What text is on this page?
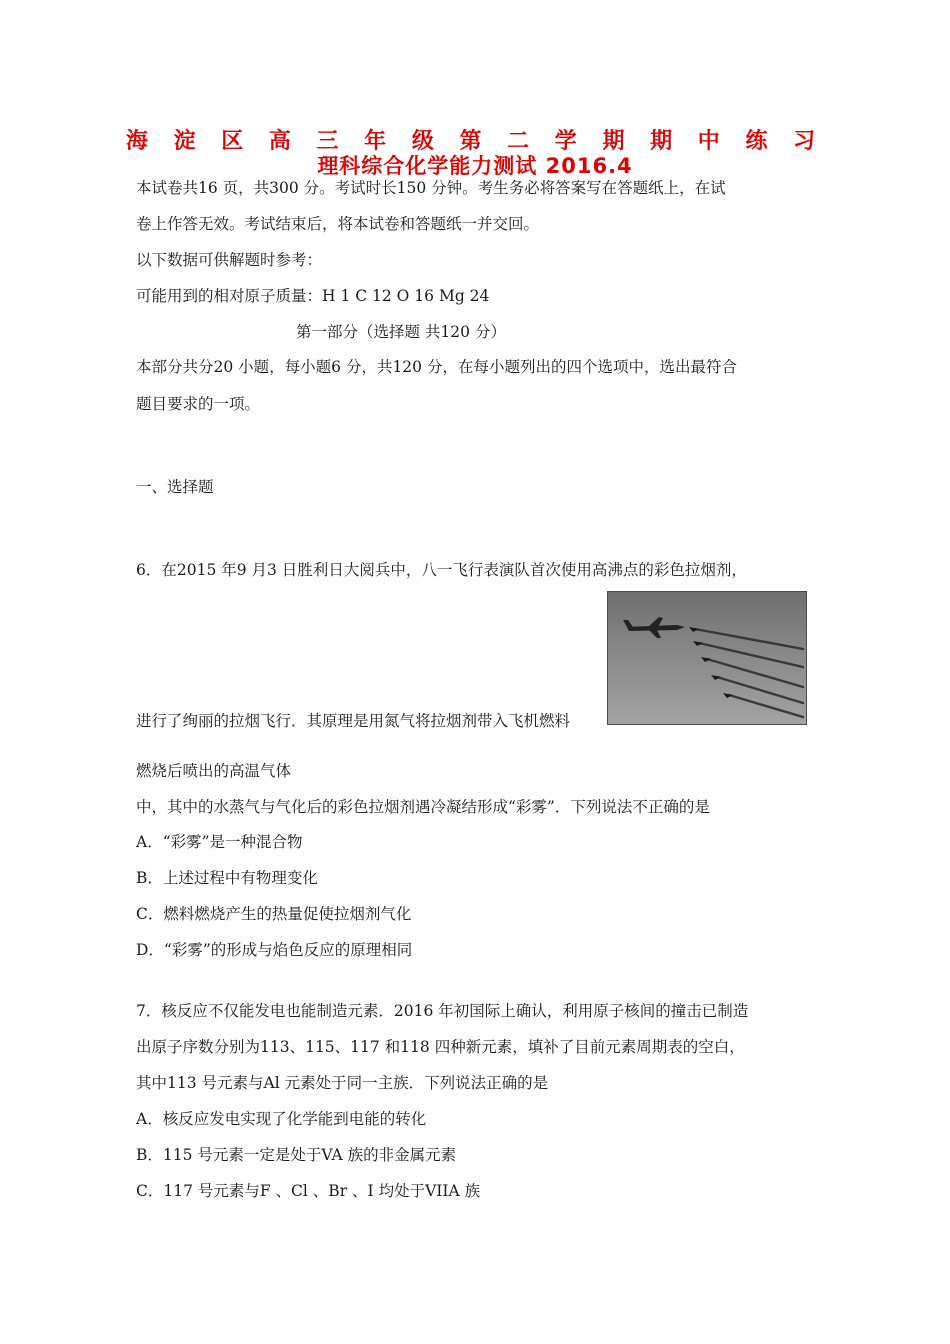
海 淀 区 高 三 年 级 第 二 学 期 期 中 练 习
理科综合化学能力测试 2016.4
本试卷共16 页，共300 分。考试时长150 分钟。考生务必将答案写在答题纸上，在试
卷上作答无效。考试结束后，将本试卷和答题纸一并交回。
以下数据可供解题时参考：
可能用到的相对原子质量：H 1 C 12 O 16 Mg 24
第一部分（选择题 共120 分）
本部分共分20 小题，每小题6 分，共120 分，在每小题列出的四个选项中，选出最符合
题目要求的一项。
一、选择题
6．在2015 年9 月3 日胜利日大阅兵中，八一飞行表演队首次使用高沸点的彩色拉烟剂，
进行了绚丽的拉烟飞行．其原理是用氮气将拉烟剂带入飞机燃料
燃烧后喷出的高温气体
中，其中的水蒸气与气化后的彩色拉烟剂遇冷凝结形成“彩雾”．下列说法不正确的是
A．“彩雾”是一种混合物
B．上述过程中有物理变化
C．燃料燃烧产生的热量促使拉烟剂气化
D．“彩雾”的形成与焰色反应的原理相同
7．核反应不仅能发电也能制造元素．2016 年初国际上确认，利用原子核间的撞击已制造
出原子序数分别为113、115、117 和118 四种新元素，填补了目前元素周期表的空白，
其中113 号元素与Al 元素处于同一主族．下列说法正确的是
A．核反应发电实现了化学能到电能的转化
B．115 号元素一定是处于VA 族的非金属元素
C．117 号元素与F 、Cl 、Br 、I 均处于VIIA 族
